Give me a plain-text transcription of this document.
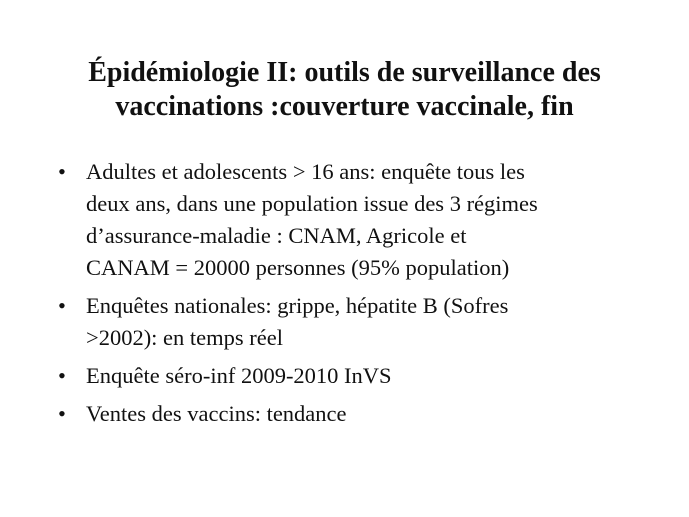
Épidémiologie II: outils de surveillance des
vaccinations :couverture vaccinale, fin
• Adultes et adolescents > 16 ans: enquête tous les
deux ans, dans une population issue des 3 régimes
d’assurance-maladie : CNAM, Agricole et
CANAM = 20000 personnes (95% population)
• Enquêtes nationales: grippe, hépatite B (Sofres
>2002): en temps réel
• Enquête séro-inf 2009-2010 InVS
• Ventes des vaccins: tendance
